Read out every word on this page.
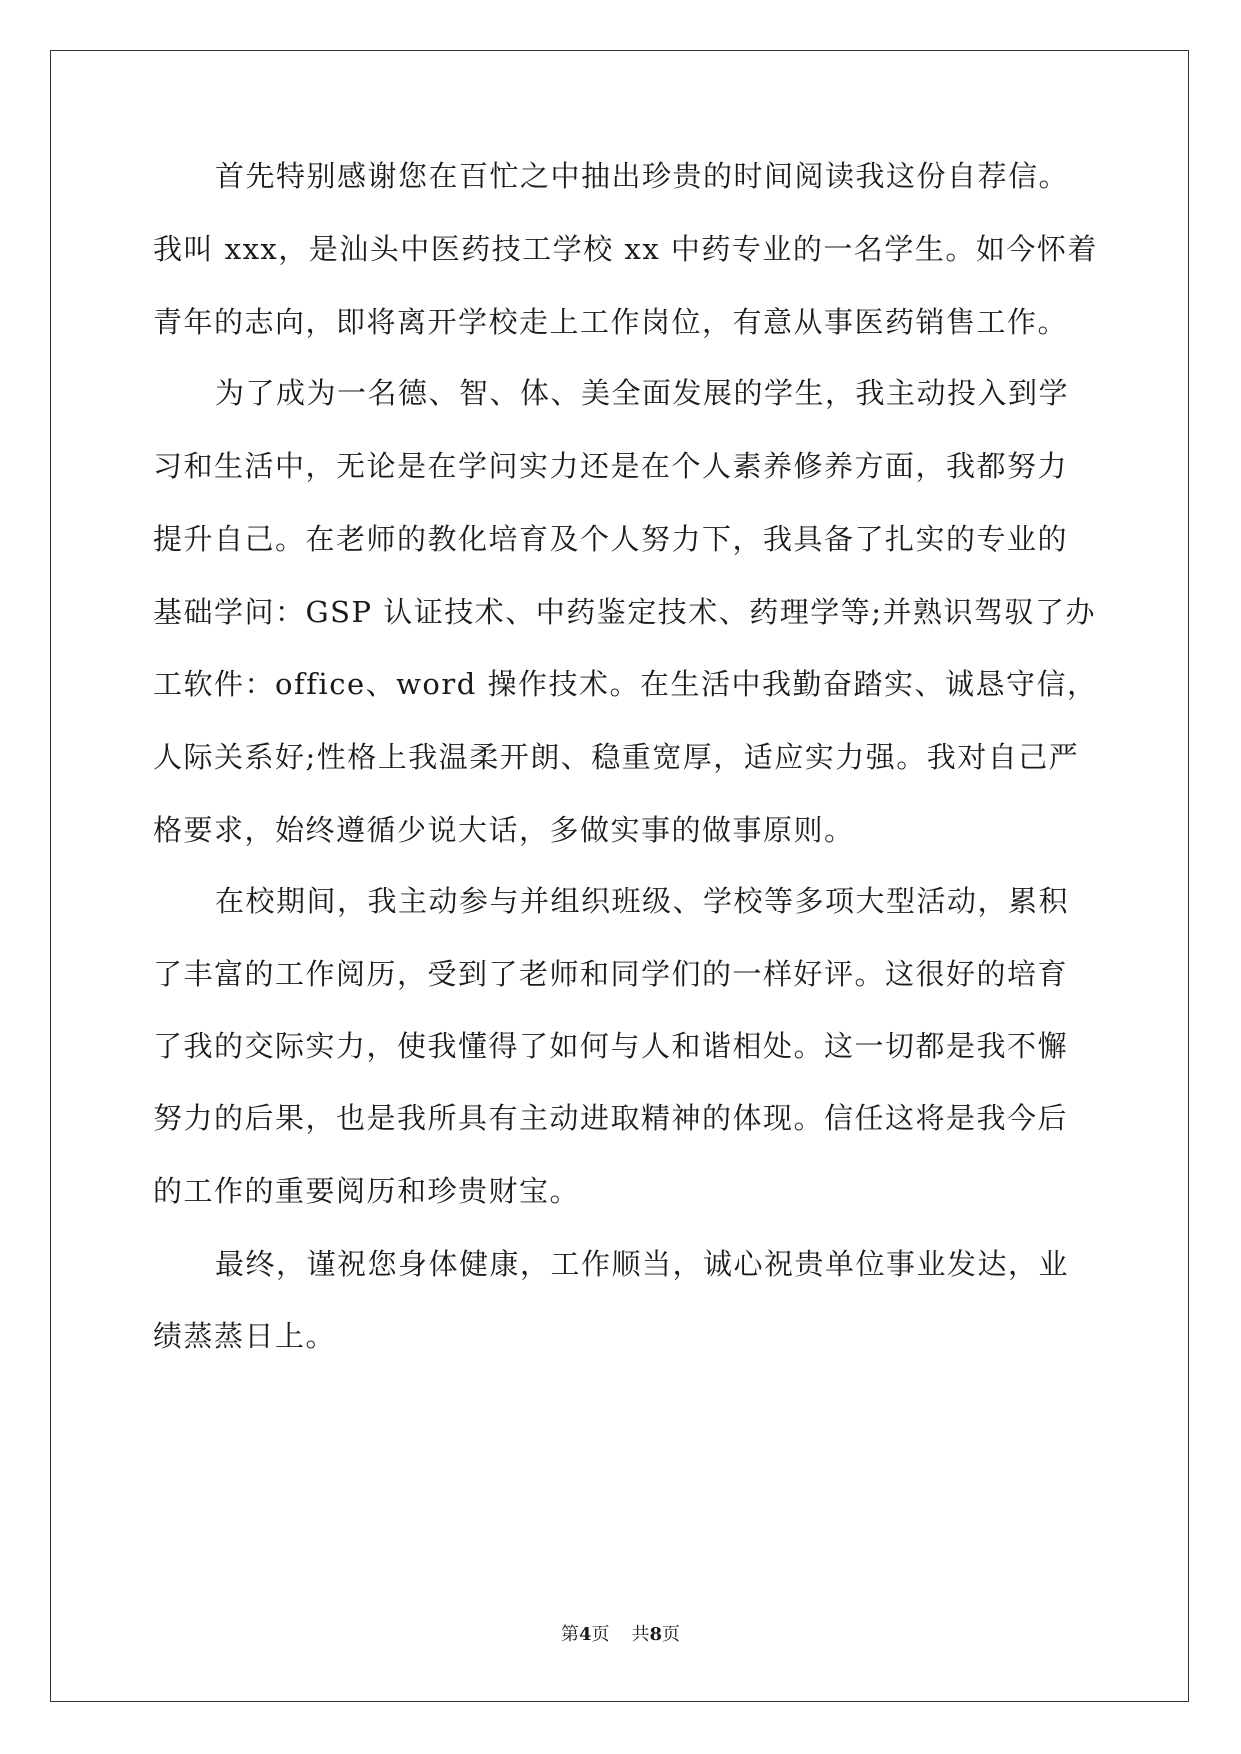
首先特别感谢您在百忙之中抽出珍贵的时间阅读我这份自荐信。

我叫 xxx，是汕头中医药技工学校 xx 中药专业的一名学生。如今怀着

青年的志向，即将离开学校走上工作岗位，有意从事医药销售工作。

为了成为一名德、智、体、美全面发展的学生，我主动投入到学

习和生活中，无论是在学问实力还是在个人素养修养方面，我都努力

提升自己。在老师的教化培育及个人努力下，我具备了扎实的专业的

基础学问：GSP 认证技术、中药鉴定技术、药理学等;并熟识驾驭了办

工软件：office、word 操作技术。在生活中我勤奋踏实、诚恳守信，

人际关系好;性格上我温柔开朗、稳重宽厚，适应实力强。我对自己严

格要求，始终遵循少说大话，多做实事的做事原则。

在校期间，我主动参与并组织班级、学校等多项大型活动，累积

了丰富的工作阅历，受到了老师和同学们的一样好评。这很好的培育

了我的交际实力，使我懂得了如何与人和谐相处。这一切都是我不懈

努力的后果，也是我所具有主动进取精神的体现。信任这将是我今后

的工作的重要阅历和珍贵财宝。

最终，谨祝您身体健康，工作顺当，诚心祝贵单位事业发达，业

绩蒸蒸日上。

第4页 共8页
